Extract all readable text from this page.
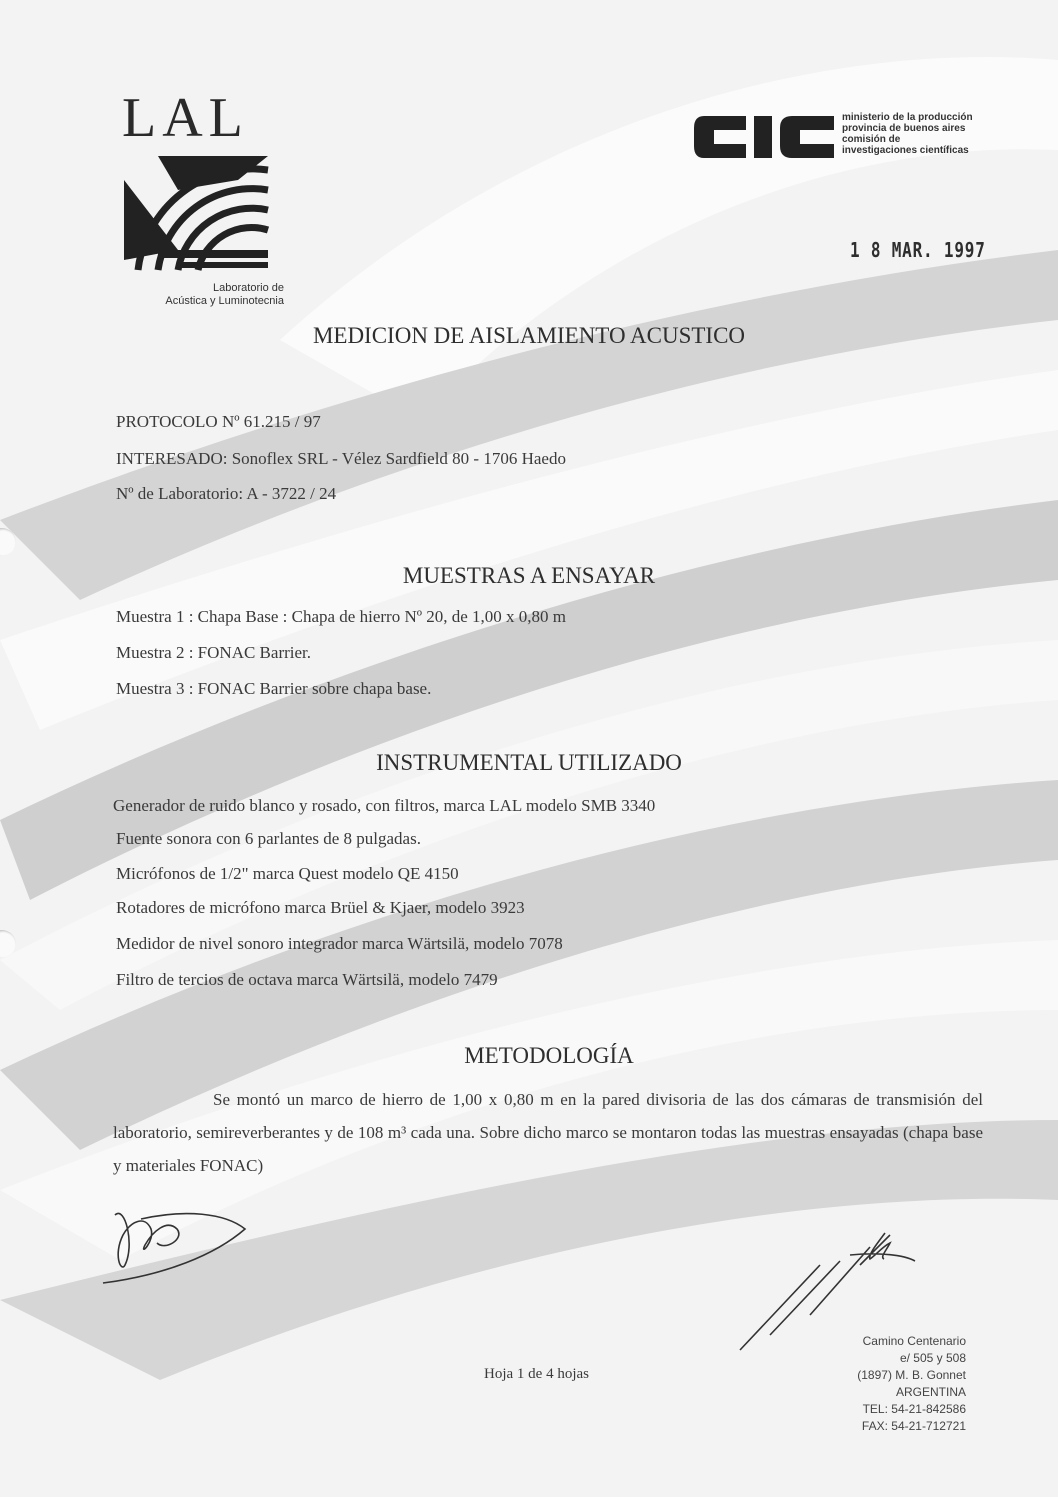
LAL
Laboratorio de
Acústica y Luminotecnia
ministerio de la producción
provincia de buenos aires
comisión de
investigaciones científicas
1 8 MAR. 1997
MEDICION DE AISLAMIENTO ACUSTICO
PROTOCOLO Nº 61.215 / 97
INTERESADO: Sonoflex SRL - Vélez Sardfield 80 - 1706 Haedo
Nº de Laboratorio: A - 3722 / 24
MUESTRAS A ENSAYAR
Muestra 1 : Chapa Base : Chapa de hierro Nº 20, de 1,00 x 0,80 m
Muestra 2 : FONAC Barrier.
Muestra 3 : FONAC Barrier sobre chapa base.
INSTRUMENTAL UTILIZADO
Generador de ruido blanco y rosado, con filtros, marca LAL modelo SMB 3340
Fuente sonora con 6 parlantes de 8 pulgadas.
Micrófonos de 1/2" marca Quest modelo QE 4150
Rotadores de micrófono marca Brüel & Kjaer, modelo 3923
Medidor de nivel sonoro integrador marca Wärtsilä, modelo 7078
Filtro de tercios de octava marca Wärtsilä, modelo 7479
METODOLOGÍA

Se montó un marco de hierro de 1,00 x 0,80 m en la pared divisoria de las dos cámaras de transmisión del laboratorio, semireverberantes y de 108 m³ cada una. Sobre dicho marco se montaron todas las muestras ensayadas (chapa base y materiales FONAC)

Hoja 1 de 4 hojas
Camino Centenario
e/ 505 y 508
(1897) M. B. Gonnet
ARGENTINA
TEL: 54-21-842586
FAX: 54-21-712721
